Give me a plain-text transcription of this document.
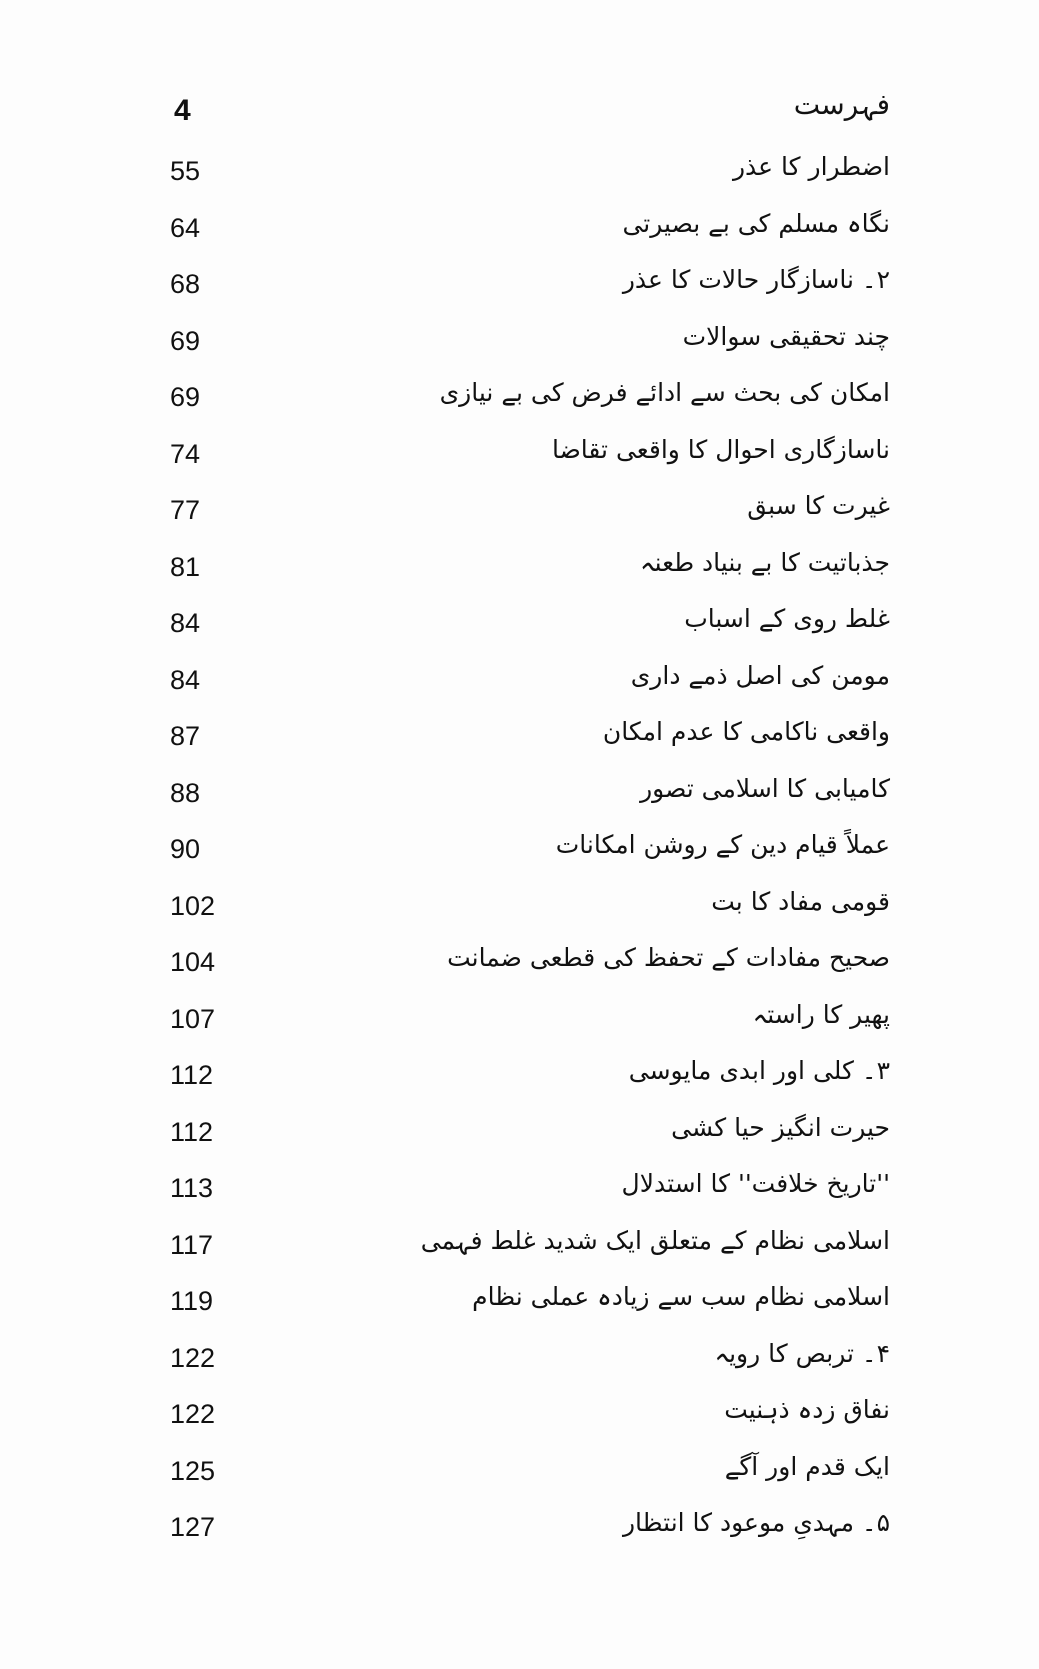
4	فہرست
55	اضطرار کا عذر
64	نگاہ مسلم کی بے بصیرتی
68	۲۔ ناسازگار حالات کا عذر
69	چند تحقیقی سوالات
69	امکان کی بحث سے ادائے فرض کی بے نیازی
74	ناسازگاری احوال کا واقعی تقاضا
77	غیرت کا سبق
81	جذباتیت کا بے بنیاد طعنہ
84	غلط روی کے اسباب
84	مومن کی اصل ذمے داری
87	واقعی ناکامی کا عدم امکان
88	کامیابی کا اسلامی تصور
90	عملاً قیام دین کے روشن امکانات
102	قومی مفاد کا بت
104	صحیح مفادات کے تحفظ کی قطعی ضمانت
107	پھیر کا راستہ
112	۳۔ کلی اور ابدی مایوسی
112	حیرت انگیز حیا کشی
113	''تاریخ خلافت'' کا استدلال
117	اسلامی نظام کے متعلق ایک شدید غلط فہمی
119	اسلامی نظام سب سے زیادہ عملی نظام
122	۴۔ تربص کا رویہ
122	نفاق زدہ ذہنیت
125	ایک قدم اور آگے
127	۵۔ مہدیِ موعود کا انتظار
